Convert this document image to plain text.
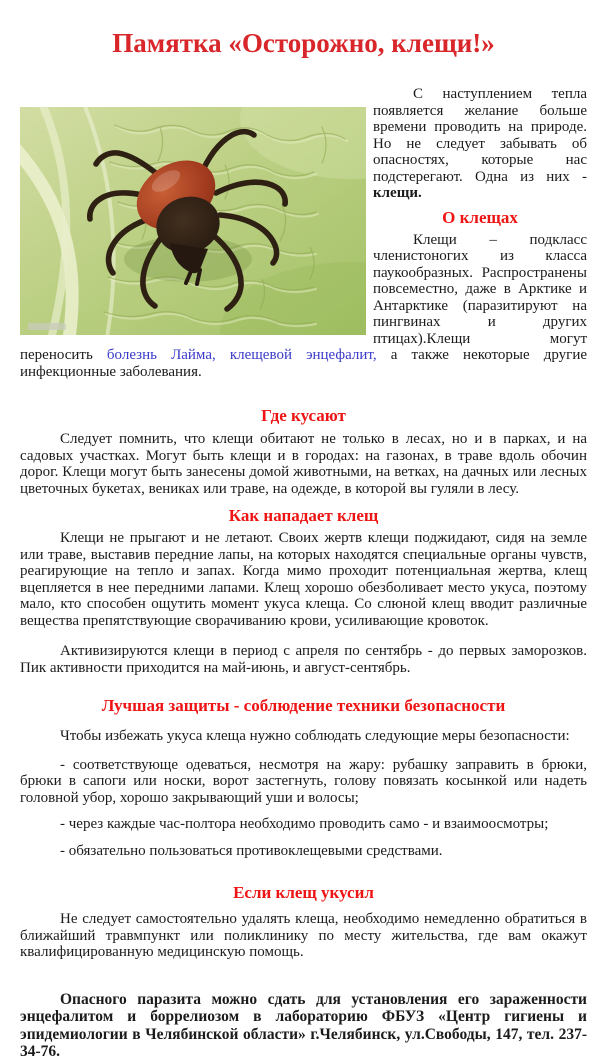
Памятка «Осторожно, клещи!»

С наступлением тепла появляется желание больше времени проводить на природе. Но не следует забывать об опасностях, которые нас подстерегают. Одна из них - клещи.

О клещах

Клещи – подкласс членистоногих из класса паукообразных. Распространены повсеместно, даже в Арктике и Антарктике (паразитируют на пингвинах и других птицах).Клещи могут переносить болезнь Лайма, клещевой энцефалит, а также некоторые другие инфекционные заболевания.

Где кусают

Следует помнить, что клещи обитают не только в лесах, но и в парках, и на садовых участках. Могут быть клещи и в городах: на газонах, в траве вдоль обочин дорог. Клещи могут быть занесены домой животными, на ветках, на дачных или лесных цветочных букетах, вениках или траве, на одежде, в которой вы гуляли в лесу.

Как нападает клещ

Клещи не прыгают и не летают. Своих жертв клещи поджидают, сидя на земле или траве, выставив передние лапы, на которых находятся специальные органы чувств, реагирующие на тепло и запах. Когда мимо проходит потенциальная жертва, клещ вцепляется в нее передними лапами. Клещ хорошо обезболивает место укуса, поэтому мало, кто способен ощутить момент укуса клеща. Со слюной клещ вводит различные вещества препятствующие сворачиванию крови, усиливающие кровоток.

Активизируются клещи в период с апреля по сентябрь - до первых заморозков. Пик активности приходится на май-июнь, и август-сентябрь.

Лучшая защиты - соблюдение техники безопасности

Чтобы избежать укуса клеща нужно соблюдать следующие меры безопасности:

- соответствующе одеваться, несмотря на жару: рубашку заправить в брюки, брюки в сапоги или носки, ворот застегнуть, голову повязать косынкой или надеть головной убор, хорошо закрывающий уши и волосы;

- через каждые час-полтора необходимо проводить само - и взаимоосмотры;

- обязательно пользоваться противоклещевыми средствами.

Если клещ укусил

Не следует самостоятельно удалять клеща, необходимо немедленно обратиться в ближайший травмпункт или поликлинику по месту жительства, где вам окажут квалифицированную медицинскую помощь.

Опасного паразита можно сдать для установления его зараженности энцефалитом и боррелиозом в лабораторию ФБУЗ «Центр гигиены и эпидемиологии в Челябинской области» г.Челябинск, ул.Свободы, 147, тел. 237-34-76.
